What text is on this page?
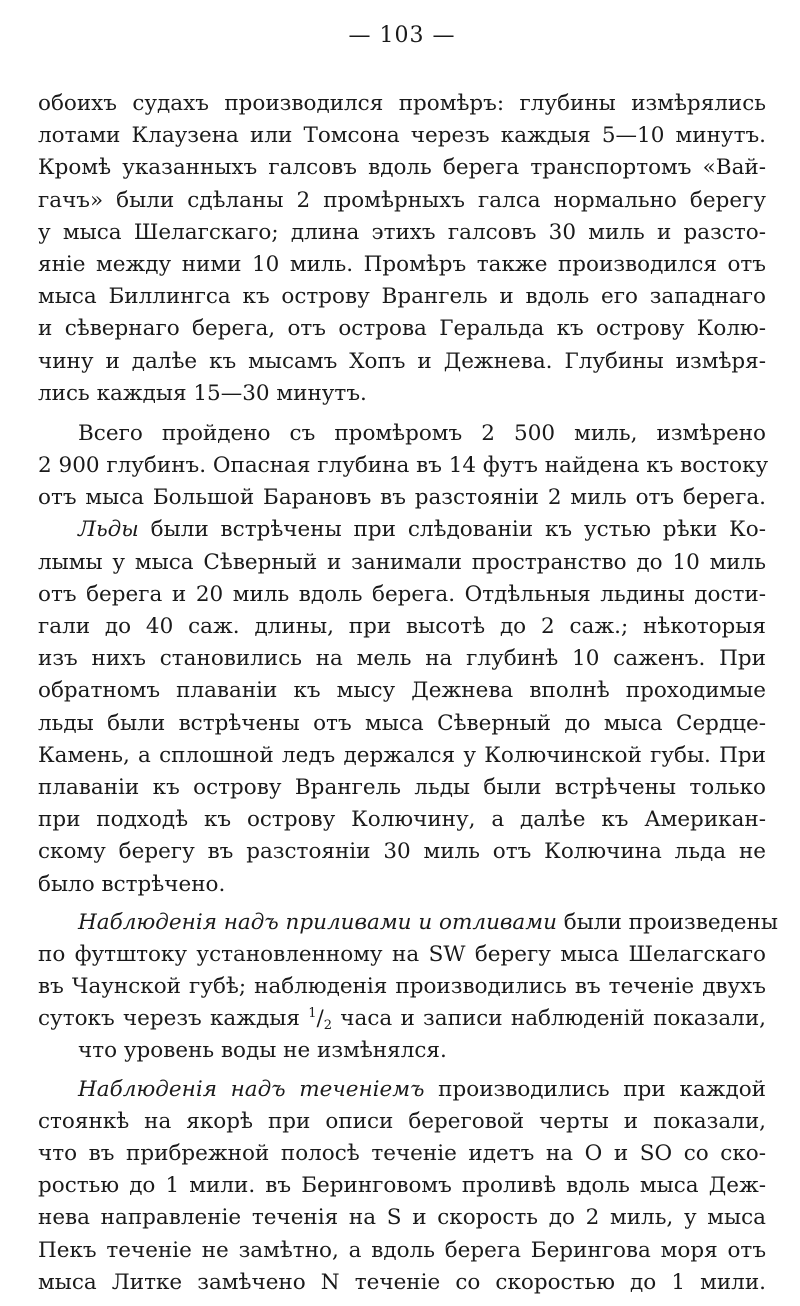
— 103 —
обоихъ судахъ производился промѣръ: глубины измѣрялись
лотами Клаузена или Томсона черезъ каждыя 5—10 минутъ.
Кромѣ указанныхъ галсовъ вдоль берега транспортомъ «Вай-
гачъ» были сдѣланы 2 промѣрныхъ галса нормально берегу
у мыса Шелагскаго; длина этихъ галсовъ 30 миль и разсто-
яніе между ними 10 миль. Промѣръ также производился отъ
мыса Биллингса къ острову Врангель и вдоль его западнаго
и сѣвернаго берега, отъ острова Геральда къ острову Колю-
чину и далѣе къ мысамъ Хопъ и Дежнева. Глубины измѣря-
лись каждыя 15—30 минутъ.
Всего пройдено съ промѣромъ 2 500 миль, измѣрено
2 900 глубинъ. Опасная глубина въ 14 футъ найдена къ востоку
отъ мыса Большой Барановъ въ разстояніи 2 миль отъ берега.
Льды были встрѣчены при слѣдованіи къ устью рѣки Ко-
лымы у мыса Сѣверный и занимали пространство до 10 миль
отъ берега и 20 миль вдоль берега. Отдѣльныя льдины дости-
гали до 40 саж. длины, при высотѣ до 2 саж.; нѣкоторыя
изъ нихъ становились на мель на глубинѣ 10 саженъ. При
обратномъ плаваніи къ мысу Дежнева вполнѣ проходимые
льды были встрѣчены отъ мыса Сѣверный до мыса Сердце-
Камень, а сплошной ледъ держался у Колючинской губы. При
плаваніи къ острову Врангель льды были встрѣчены только
при подходѣ къ острову Колючину, а далѣе къ Американ-
скому берегу въ разстояніи 30 миль отъ Колючина льда не
было встрѣчено.
Наблюденія надъ приливами и отливами были произведены
по футштоку установленному на SW берегу мыса Шелагскаго
въ Чаунской губѣ; наблюденія производились въ теченіе двухъ
сутокъ черезъ каждыя $^1/_2$ часа и записи наблюденій показали,
что уровень воды не измѣнялся.
Наблюденія надъ теченіемъ производились при каждой
стоянкѣ на якорѣ при описи береговой черты и показали,
что въ прибрежной полосѣ теченіе идетъ на O и SO со ско-
ростью до 1 мили. въ Беринговомъ проливѣ вдоль мыса Деж-
нева направленіе теченія на S и скорость до 2 миль, у мыса
Пекъ теченіе не замѣтно, а вдоль берега Берингова моря отъ
мыса Литке замѣчено N теченіе со скоростью до 1 мили.
